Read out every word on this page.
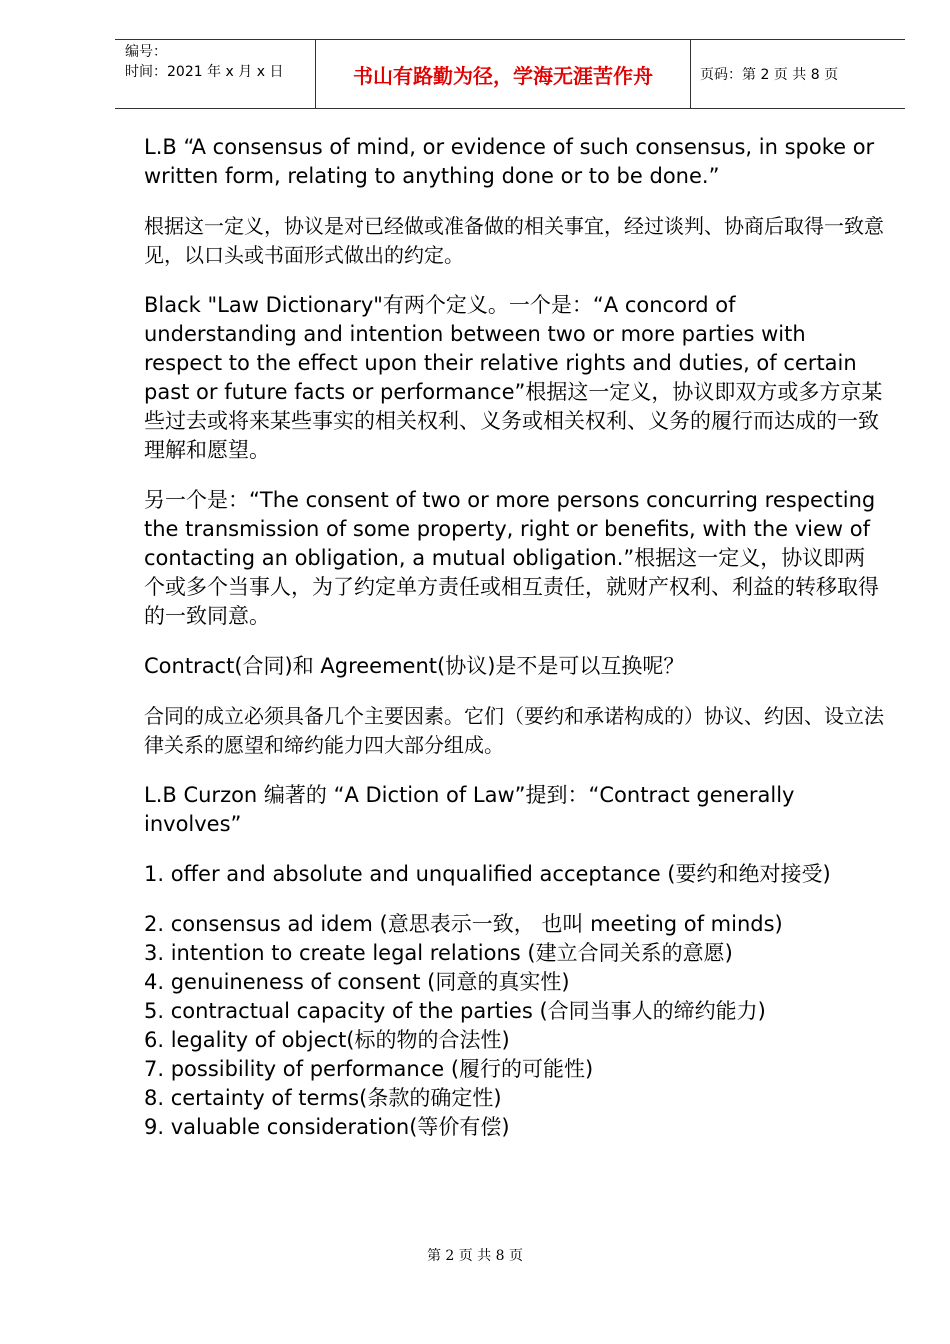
编号：
时间：2021 年 x 月 x 日	书山有路勤为径，学海无涯苦作舟	页码：第 2 页 共 8 页

L.B “A consensus of mind, or evidence of such consensus, in spoke or written form, relating to anything done or to be done.”

根据这一定义，协议是对已经做或准备做的相关事宜，经过谈判、协商后取得一致意见，以口头或书面形式做出的约定。

Black "Law Dictionary"有两个定义。一个是：“A concord of understanding and intention between two or more parties with respect to the effect upon their relative rights and duties, of certain past or future facts or performance”根据这一定义，协议即双方或多方京某些过去或将来某些事实的相关权利、义务或相关权利、义务的履行而达成的一致理解和愿望。

另一个是：“The consent of two or more persons concurring respecting the transmission of some property, right or benefits, with the view of contacting an obligation, a mutual obligation.”根据这一定义，协议即两个或多个当事人，为了约定单方责任或相互责任，就财产权利、利益的转移取得的一致同意。

Contract(合同)和 Agreement(协议)是不是可以互换呢？

合同的成立必须具备几个主要因素。它们（要约和承诺构成的）协议、约因、设立法律关系的愿望和缔约能力四大部分组成。

L.B Curzon 编著的 “A Diction of Law”提到：“Contract generally involves”

1. offer and absolute and unqualified acceptance (要约和绝对接受)

2. consensus ad idem (意思表示一致， 也叫 meeting of minds)
3. intention to create legal relations (建立合同关系的意愿)
4. genuineness of consent (同意的真实性)
5. contractual capacity of the parties (合同当事人的缔约能力)
6. legality of object(标的物的合法性)
7. possibility of performance (履行的可能性)
8. certainty of terms(条款的确定性)
9. valuable consideration(等价有偿)
第 2 页 共 8 页
